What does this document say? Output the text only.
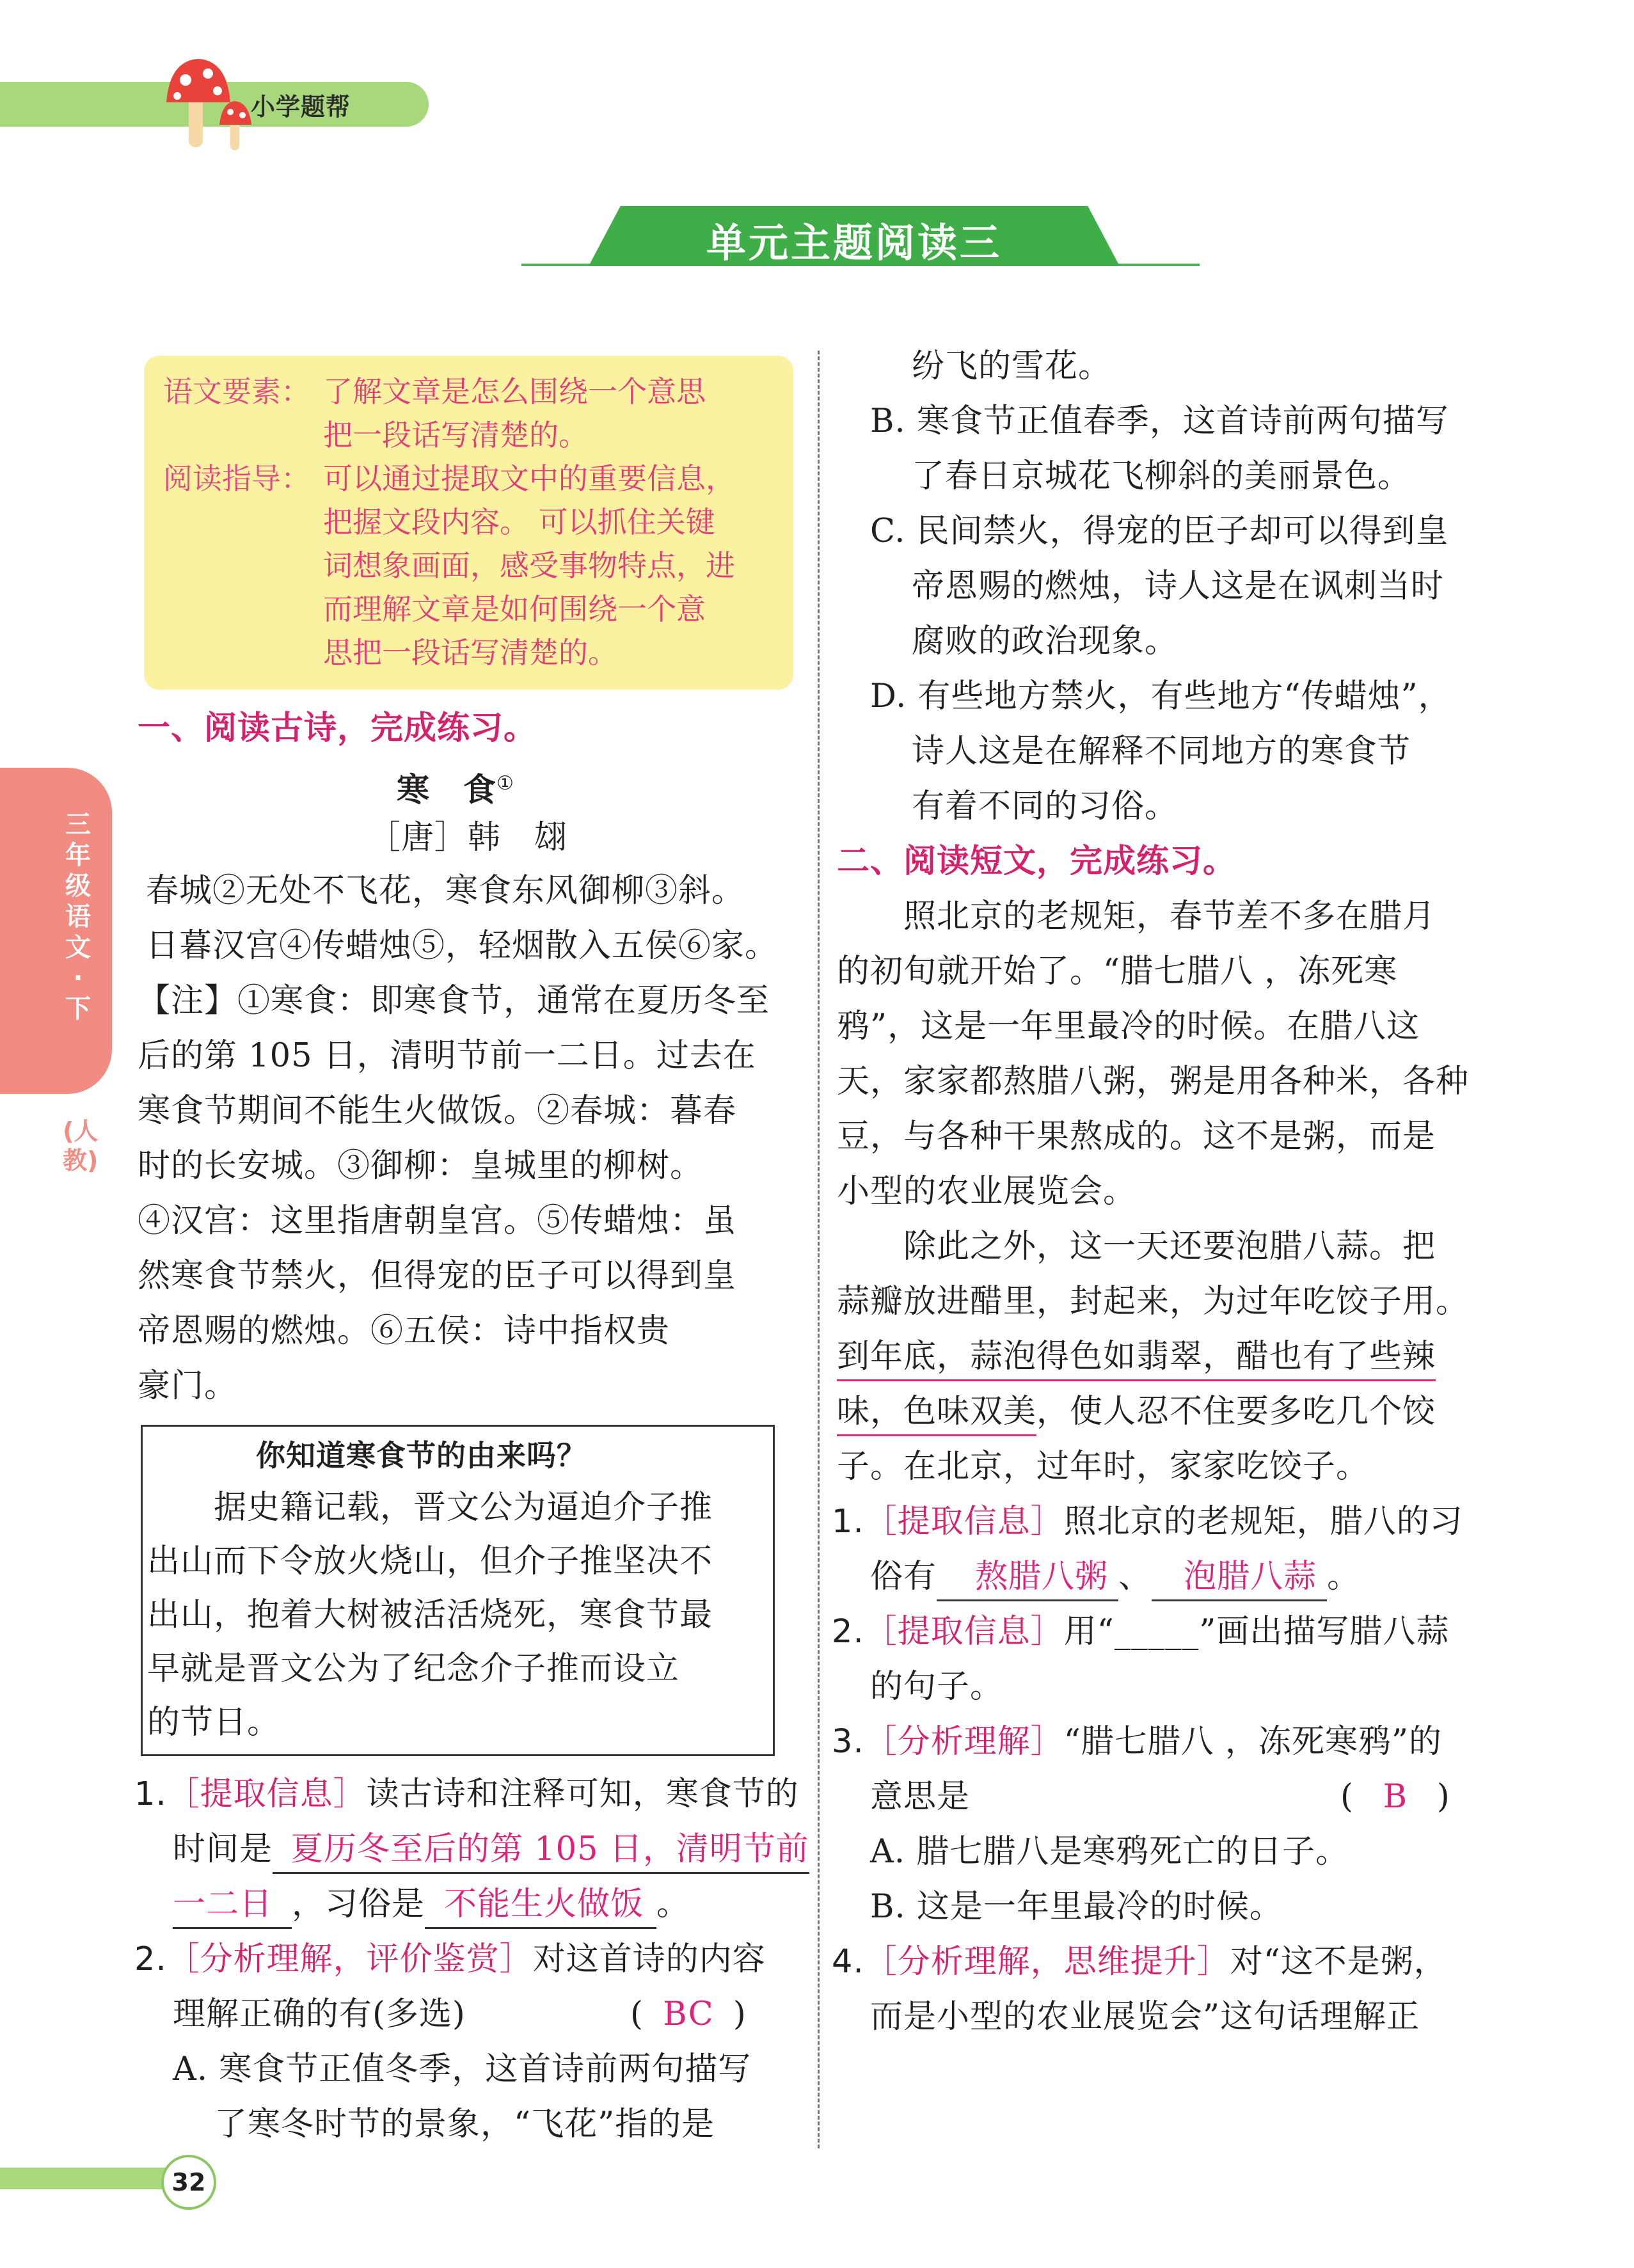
小学题帮
单元主题阅读三
三年级语文·下
(人教)
语文要素： 了解文章是怎么围绕一个意思
把一段话写清楚的。
阅读指导： 可以通过提取文中的重要信息，
把握文段内容。 可以抓住关键
词想象画面，感受事物特点，进
而理解文章是如何围绕一个意
思把一段话写清楚的。
一、阅读古诗，完成练习。
寒　食①
［唐］韩　翃
春城②无处不飞花，寒食东风御柳③斜。
日暮汉宫④传蜡烛⑤，轻烟散入五侯⑥家。
【注】①寒食：即寒食节，通常在夏历冬至
后的第 105 日，清明节前一二日。过去在
寒食节期间不能生火做饭。②春城：暮春
时的长安城。③御柳：皇城里的柳树。
④汉宫：这里指唐朝皇宫。⑤传蜡烛：虽
然寒食节禁火，但得宠的臣子可以得到皇
帝恩赐的燃烛。⑥五侯：诗中指权贵
豪门。
你知道寒食节的由来吗？
　　据史籍记载，晋文公为逼迫介子推
出山而下令放火烧山，但介子推坚决不
出山，抱着大树被活活烧死，寒食节最
早就是晋文公为了纪念介子推而设立
的节日。
1.［提取信息］读古诗和注释可知，寒食节的
时间是 夏历冬至后的第 105 日，清明节前
一二日 ，习俗是 不能生火做饭 。
2.［分析理解，评价鉴赏］对这首诗的内容
理解正确的有(多选)	( BC )
A. 寒食节正值冬季，这首诗前两句描写
了寒冬时节的景象，“飞花”指的是
纷飞的雪花。
B. 寒食节正值春季，这首诗前两句描写
了春日京城花飞柳斜的美丽景色。
C. 民间禁火，得宠的臣子却可以得到皇
帝恩赐的燃烛，诗人这是在讽刺当时
腐败的政治现象。
D. 有些地方禁火，有些地方“传蜡烛”，
诗人这是在解释不同地方的寒食节
有着不同的习俗。
二、阅读短文，完成练习。
　　照北京的老规矩，春节差不多在腊月
的初旬就开始了。“腊七腊八 ，冻死寒
鸦”，这是一年里最冷的时候。在腊八这
天，家家都熬腊八粥，粥是用各种米，各种
豆，与各种干果熬成的。这不是粥，而是
小型的农业展览会。
　　除此之外，这一天还要泡腊八蒜。把
蒜瓣放进醋里，封起来，为过年吃饺子用。
到年底，蒜泡得色如翡翠，醋也有了些辣
味，色味双美，使人忍不住要多吃几个饺
子。在北京，过年时，家家吃饺子。
1.［提取信息］照北京的老规矩，腊八的习
俗有 熬腊八粥 、 泡腊八蒜 。
2.［提取信息］用“_____”画出描写腊八蒜
的句子。
3.［分析理解］“腊七腊八 ，冻死寒鸦”的
意思是	( B )
A. 腊七腊八是寒鸦死亡的日子。
B. 这是一年里最冷的时候。
4.［分析理解，思维提升］对“这不是粥，
而是小型的农业展览会”这句话理解正
32
